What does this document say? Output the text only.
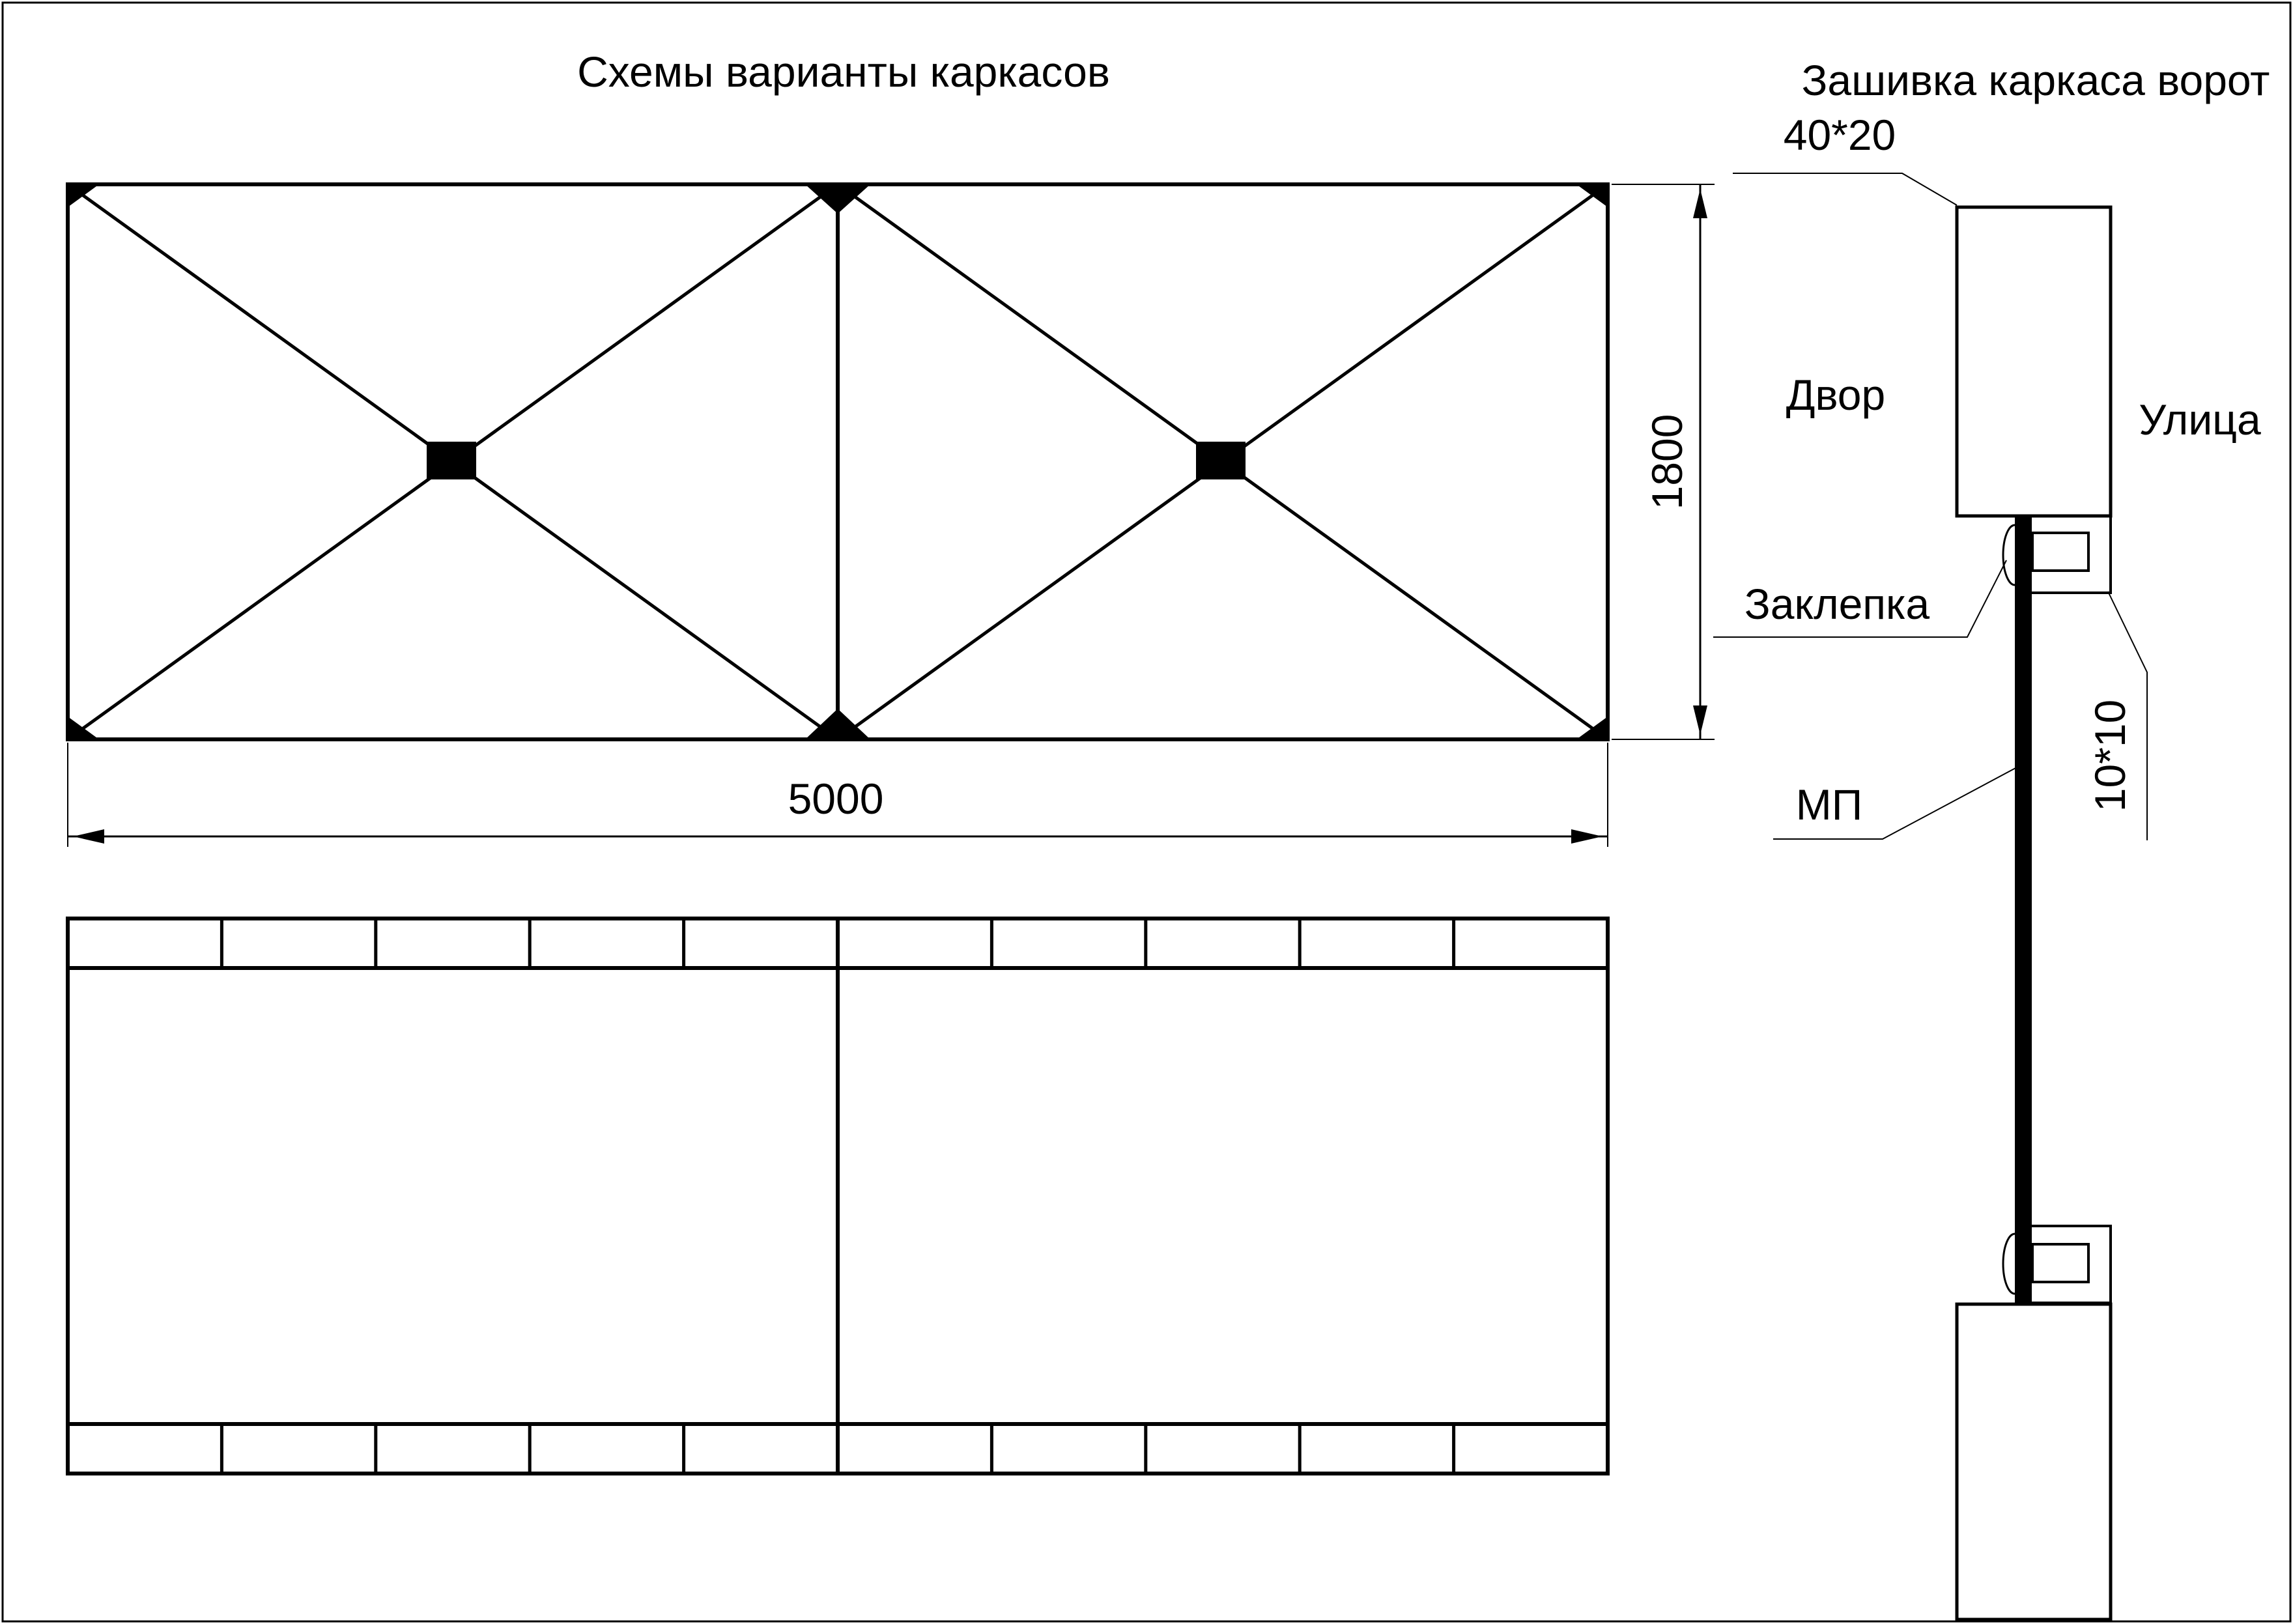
Схемы варианты каркасов	Зашивка каркаса ворот
1800
5000
40*20
Двор
Улица
Заклепка
10*10
МП
